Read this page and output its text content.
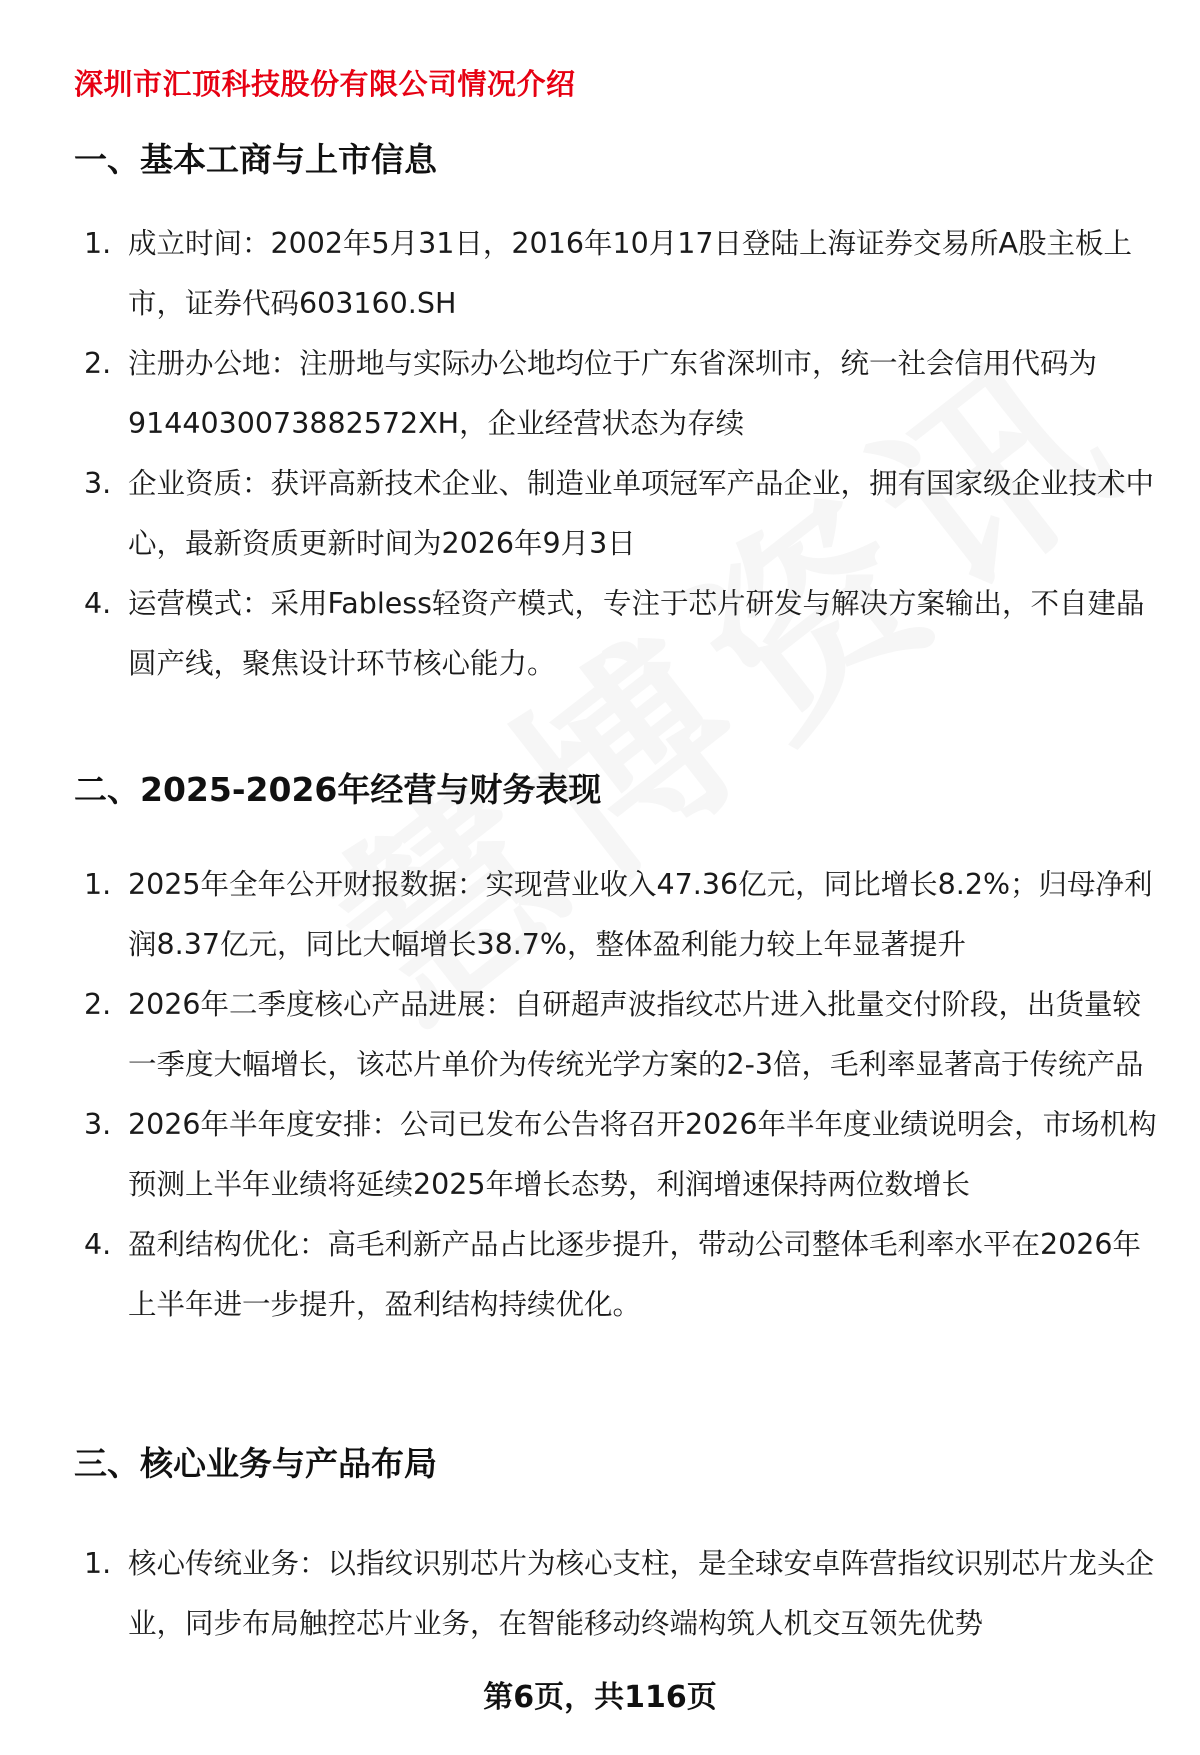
深圳市汇顶科技股份有限公司情况介绍
一、基本工商与上市信息
1. 成立时间：2002年5月31日，2016年10月17日登陆上海证券交易所A股主板上市，证券代码603160.SH
2. 注册办公地：注册地与实际办公地均位于广东省深圳市，统一社会信用代码为9144030073882572XH，企业经营状态为存续
3. 企业资质：获评高新技术企业、制造业单项冠军产品企业，拥有国家级企业技术中心，最新资质更新时间为2026年9月3日
4. 运营模式：采用Fabless轻资产模式，专注于芯片研发与解决方案输出，不自建晶圆产线，聚焦设计环节核心能力。
二、2025-2026年经营与财务表现
1. 2025年全年公开财报数据：实现营业收入47.36亿元，同比增长8.2%；归母净利润8.37亿元，同比大幅增长38.7%，整体盈利能力较上年显著提升
2. 2026年二季度核心产品进展：自研超声波指纹芯片进入批量交付阶段，出货量较一季度大幅增长，该芯片单价为传统光学方案的2-3倍，毛利率显著高于传统产品
3. 2026年半年度安排：公司已发布公告将召开2026年半年度业绩说明会，市场机构预测上半年业绩将延续2025年增长态势，利润增速保持两位数增长
4. 盈利结构优化：高毛利新产品占比逐步提升，带动公司整体毛利率水平在2026年上半年进一步提升，盈利结构持续优化。
三、核心业务与产品布局
1. 核心传统业务：以指纹识别芯片为核心支柱，是全球安卓阵营指纹识别芯片龙头企业，同步布局触控芯片业务，在智能移动终端构筑人机交互领先优势
第6页，共116页
